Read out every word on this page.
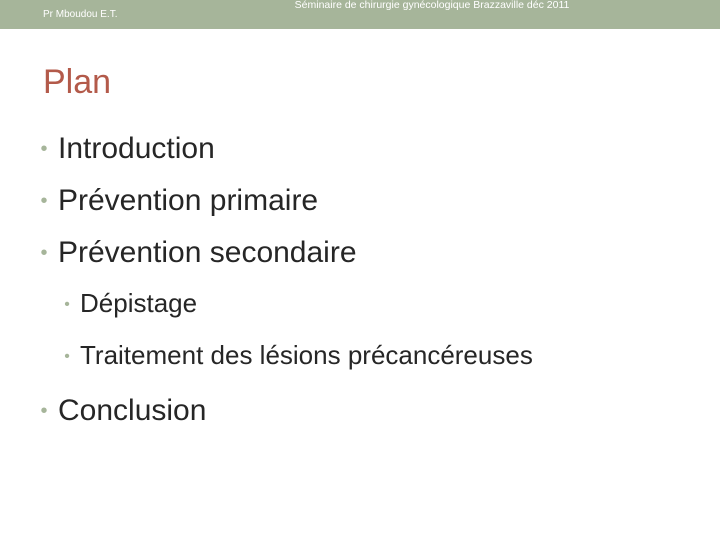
Pr Mboudou E.T.
Séminaire de chirurgie gynécologique Brazzaville déc 2011
Plan
• Introduction
• Prévention primaire
• Prévention secondaire
• Dépistage
• Traitement des lésions précancéreuses
• Conclusion
